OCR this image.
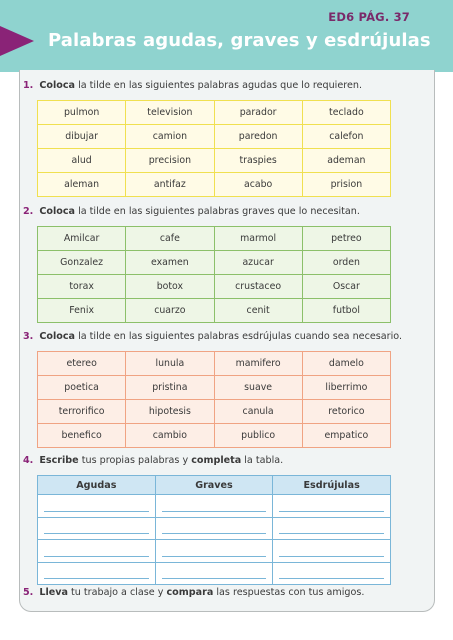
ED6 PÁG. 37
Palabras agudas, graves y esdrújulas
1. Coloca la tilde en las siguientes palabras agudas que lo requieren.
pulmon	television	parador	teclado
dibujar	camion	paredon	calefon
alud	precision	traspies	ademan
aleman	antifaz	acabo	prision
2. Coloca la tilde en las siguientes palabras graves que lo necesitan.
Amilcar	cafe	marmol	petreo
Gonzalez	examen	azucar	orden
torax	botox	crustaceo	Oscar
Fenix	cuarzo	cenit	futbol
3. Coloca la tilde en las siguientes palabras esdrújulas cuando sea necesario.
etereo	lunula	mamifero	damelo
poetica	pristina	suave	liberrimo
terrorifico	hipotesis	canula	retorico
benefico	cambio	publico	empatico
4. Escribe tus propias palabras y completa la tabla.
Agudas	Graves	Esdrújulas

5. Lleva tu trabajo a clase y compara las respuestas con tus amigos.
